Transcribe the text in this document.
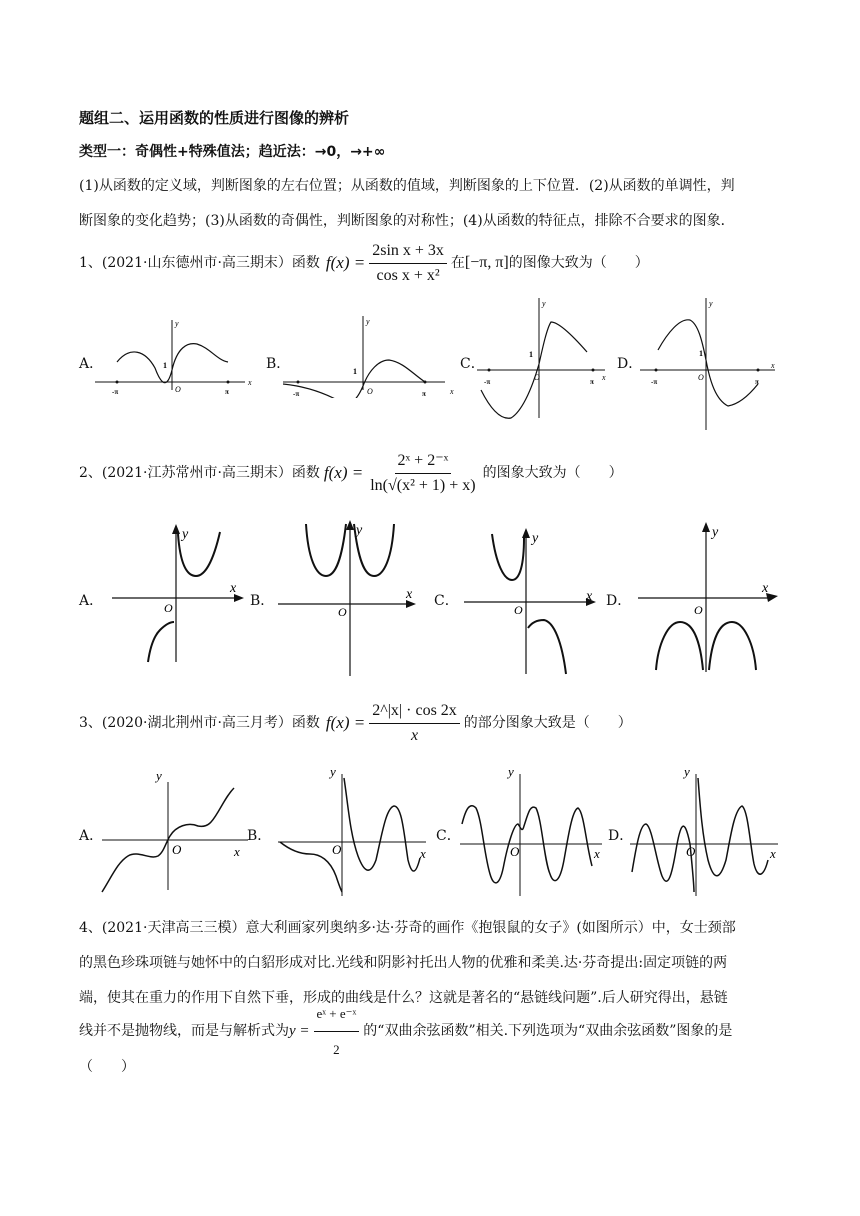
题组二、运用函数的性质进行图像的辨析
类型一：奇偶性+特殊值法；趋近法：→0，→+∞
(1)从函数的定义域，判断图象的左右位置；从函数的值域，判断图象的上下位置．(2)从函数的单调性，判
断图象的变化趋势；(3)从函数的奇偶性，判断图象的对称性；(4)从函数的特征点，排除不合要求的图象．
1、(2021·山东德州市·高三期末）函数 $f(x) = \frac{\text{2sin x + 3x}}{\text{cos x + x²}}$ 在 [−π, π] 的图像大致为（　　）
A．	B．	C．	D．
y
x
O
1
-π	π
y
x
O
1
-π	π
y
x
O
1
-π	π
y
x
O
1
-π	π
2、(2021·江苏常州市·高三期末）函数 $f(x) = \frac{\text{2ˣ + 2⁻ˣ}}{\text{ln(√(x² + 1) + x)}}$ 的图象大致为（　　）
A．	B．	C．	D．
y
x
O
y
x
O
y
x
O
y
x
O
3、(2020·湖北荆州市·高三月考）函数 $f(x) = \frac{2\^{}|x| \cdot \cos 2x}{x}$ 的部分图象大致是（　　）
A．	B．	C．	D．
y
x
O
y
x
O
y
x
O
y
x
O
4、(2021·天津高三三模）意大利画家列奥纳多·达·芬奇的画作《抱银鼠的女子》(如图所示）中，女士颈部
的黑色珍珠项链与她怀中的白貂形成对比.光线和阴影衬托出人物的优雅和柔美.达·芬奇提出:固定项链的两
端，使其在重力的作用下自然下垂，形成的曲线是什么？这就是著名的“悬链线问题”.后人研究得出，悬链
线并不是抛物线，而是与解析式为 $y = \frac{\text{eˣ + e⁻ˣ}}{2}$ 的“双曲余弦函数”相关.下列选项为“双曲余弦函数”图象的是
（　　）
